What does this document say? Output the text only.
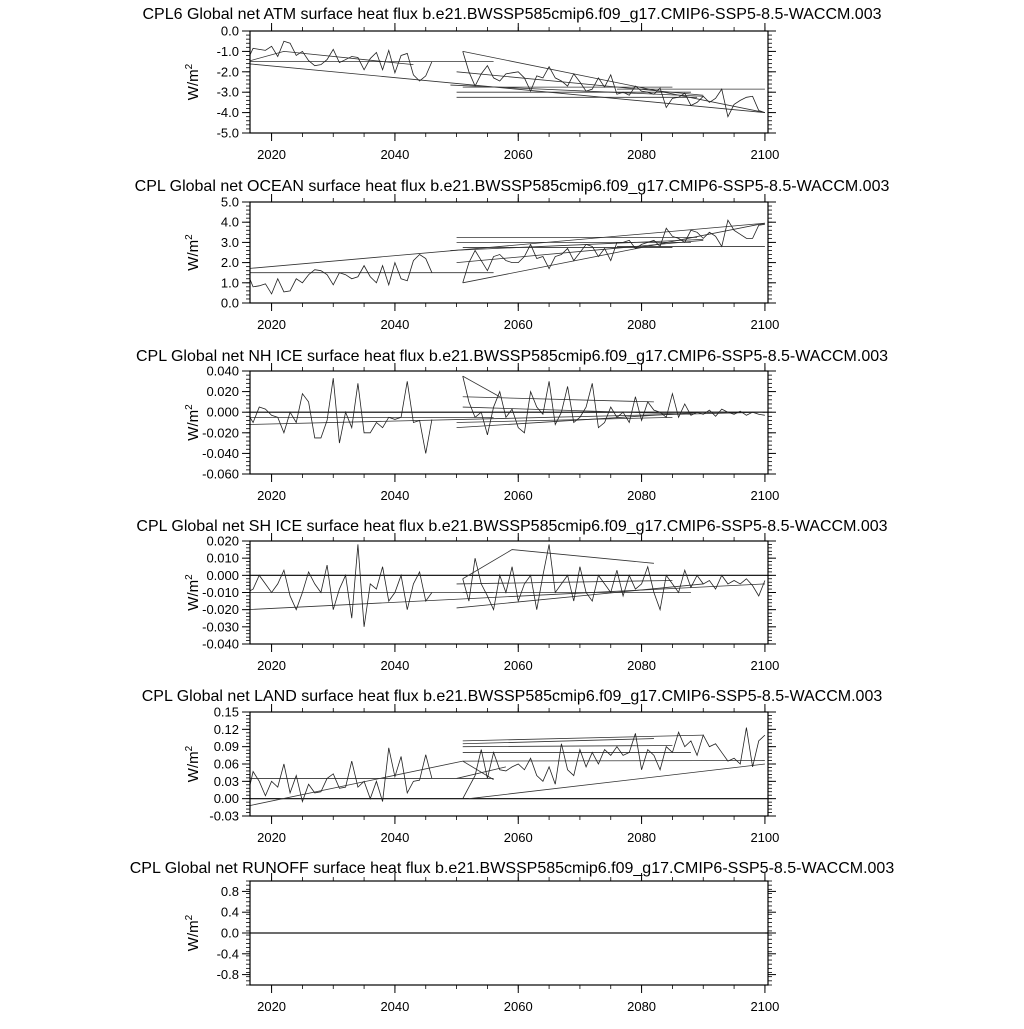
CPL6 Global net ATM surface heat flux b.e21.BWSSP585cmip6.f09_g17.CMIP6-SSP5-8.5-WACCM.003
$W/m^2$
0.0
-1.0
-2.0
-3.0
-4.0
-5.0
2020	2040	2060	2080	2100
CPL Global net OCEAN surface heat flux b.e21.BWSSP585cmip6.f09_g17.CMIP6-SSP5-8.5-WACCM.003
$W/m^2$
5.0
4.0
3.0
2.0
1.0
0.0
2020	2040	2060	2080	2100
CPL Global net NH ICE surface heat flux b.e21.BWSSP585cmip6.f09_g17.CMIP6-SSP5-8.5-WACCM.003
$W/m^2$
0.040
0.020
0.000
-0.020
-0.040
-0.060
2020	2040	2060	2080	2100
CPL Global net SH ICE surface heat flux b.e21.BWSSP585cmip6.f09_g17.CMIP6-SSP5-8.5-WACCM.003
$W/m^2$
0.020
0.010
0.000
-0.010
-0.020
-0.030
-0.040
2020	2040	2060	2080	2100
CPL Global net LAND surface heat flux b.e21.BWSSP585cmip6.f09_g17.CMIP6-SSP5-8.5-WACCM.003
$W/m^2$
0.15
0.12
0.09
0.06
0.03
0.00
-0.03
2020	2040	2060	2080	2100
CPL Global net RUNOFF surface heat flux b.e21.BWSSP585cmip6.f09_g17.CMIP6-SSP5-8.5-WACCM.003
$W/m^2$
0.8
0.4
0.0
-0.4
-0.8
2020	2040	2060	2080	2100
